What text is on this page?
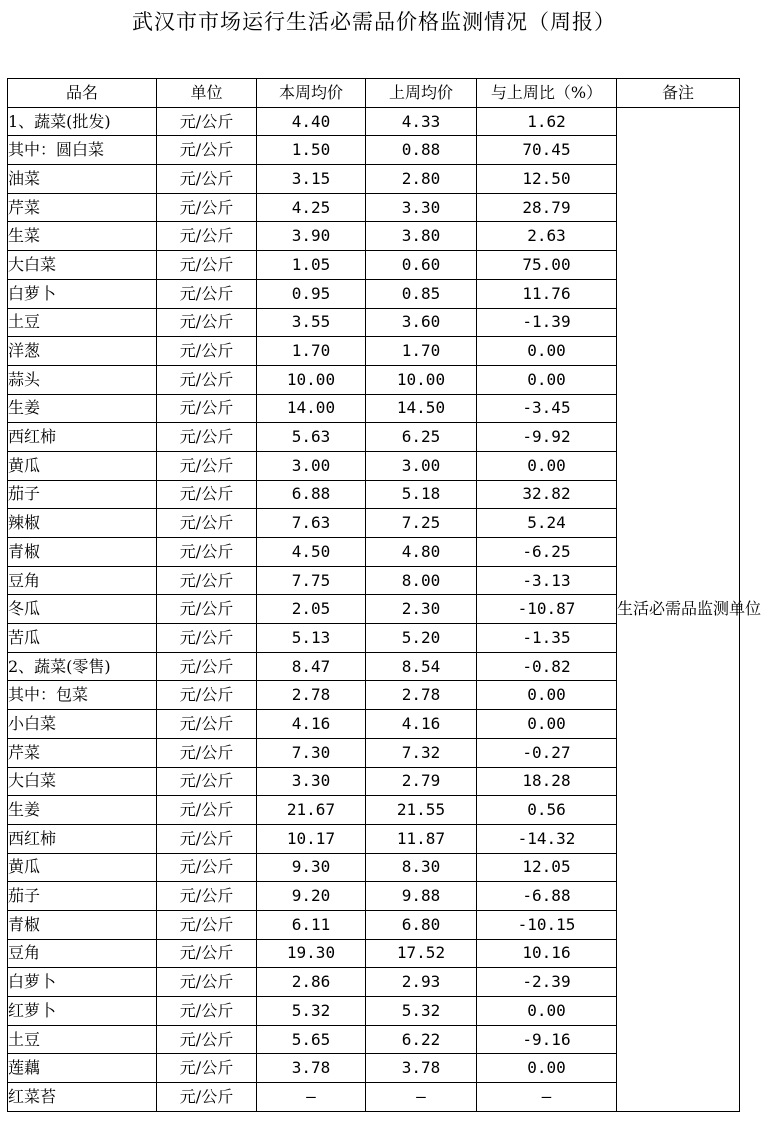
武汉市市场运行生活必需品价格监测情况（周报）
品名	单位	本周均价	上周均价	与上周比（%）	备注
1、蔬菜(批发)	元/公斤	4.40	4.33	1.62	生活必需品监测单位
其中：圆白菜	元/公斤	1.50	0.88	70.45	
油菜	元/公斤	3.15	2.80	12.50	
芹菜	元/公斤	4.25	3.30	28.79	
生菜	元/公斤	3.90	3.80	2.63	
大白菜	元/公斤	1.05	0.60	75.00	
白萝卜	元/公斤	0.95	0.85	11.76	
土豆	元/公斤	3.55	3.60	-1.39	
洋葱	元/公斤	1.70	1.70	0.00	
蒜头	元/公斤	10.00	10.00	0.00	
生姜	元/公斤	14.00	14.50	-3.45	
西红柿	元/公斤	5.63	6.25	-9.92	
黄瓜	元/公斤	3.00	3.00	0.00	
茄子	元/公斤	6.88	5.18	32.82	
辣椒	元/公斤	7.63	7.25	5.24	
青椒	元/公斤	4.50	4.80	-6.25	
豆角	元/公斤	7.75	8.00	-3.13	
冬瓜	元/公斤	2.05	2.30	-10.87	
苦瓜	元/公斤	5.13	5.20	-1.35	
2、蔬菜(零售)	元/公斤	8.47	8.54	-0.82	
其中：包菜	元/公斤	2.78	2.78	0.00	
小白菜	元/公斤	4.16	4.16	0.00	
芹菜	元/公斤	7.30	7.32	-0.27	
大白菜	元/公斤	3.30	2.79	18.28	
生姜	元/公斤	21.67	21.55	0.56	
西红柿	元/公斤	10.17	11.87	-14.32	
黄瓜	元/公斤	9.30	8.30	12.05	
茄子	元/公斤	9.20	9.88	-6.88	
青椒	元/公斤	6.11	6.80	-10.15	
豆角	元/公斤	19.30	17.52	10.16	
白萝卜	元/公斤	2.86	2.93	-2.39	
红萝卜	元/公斤	5.32	5.32	0.00	
土豆	元/公斤	5.65	6.22	-9.16	
莲藕	元/公斤	3.78	3.78	0.00	
红菜苔	元/公斤	—	—	—	
